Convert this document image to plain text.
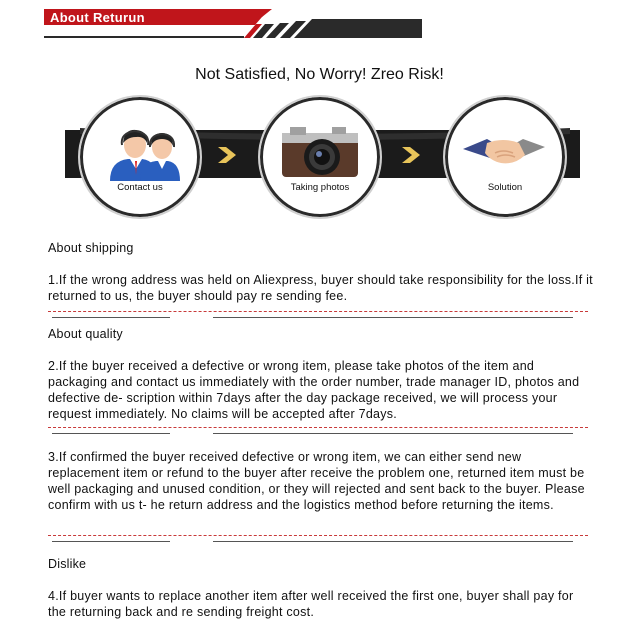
About Returun
Not Satisfied, No Worry! Zreo Risk!
Contact us	Taking photos	Solution
About shipping
1.If the wrong address was held on Aliexpress, buyer should take responsibility for the loss.If it returned to us, the buyer should pay re sending fee.
About quality
2.If the buyer received a defective or wrong item, please take photos of the item and packaging and contact us immediately with the order number, trade manager ID, photos and defective de- scription within 7days after the day package received, we will process your request immediately. No claims will be accepted after 7days.
3.If confirmed the buyer received defective or wrong item, we can either send new replacement item or refund to the buyer after receive the problem one, returned item must be well packaging and unused condition, or they will rejected and sent back to the buyer. Please confirm with us t- he return address and the logistics method before returning the items.
Dislike
4.If buyer wants to replace another item after well received the first one, buyer shall pay for the returning back and re sending freight cost.
